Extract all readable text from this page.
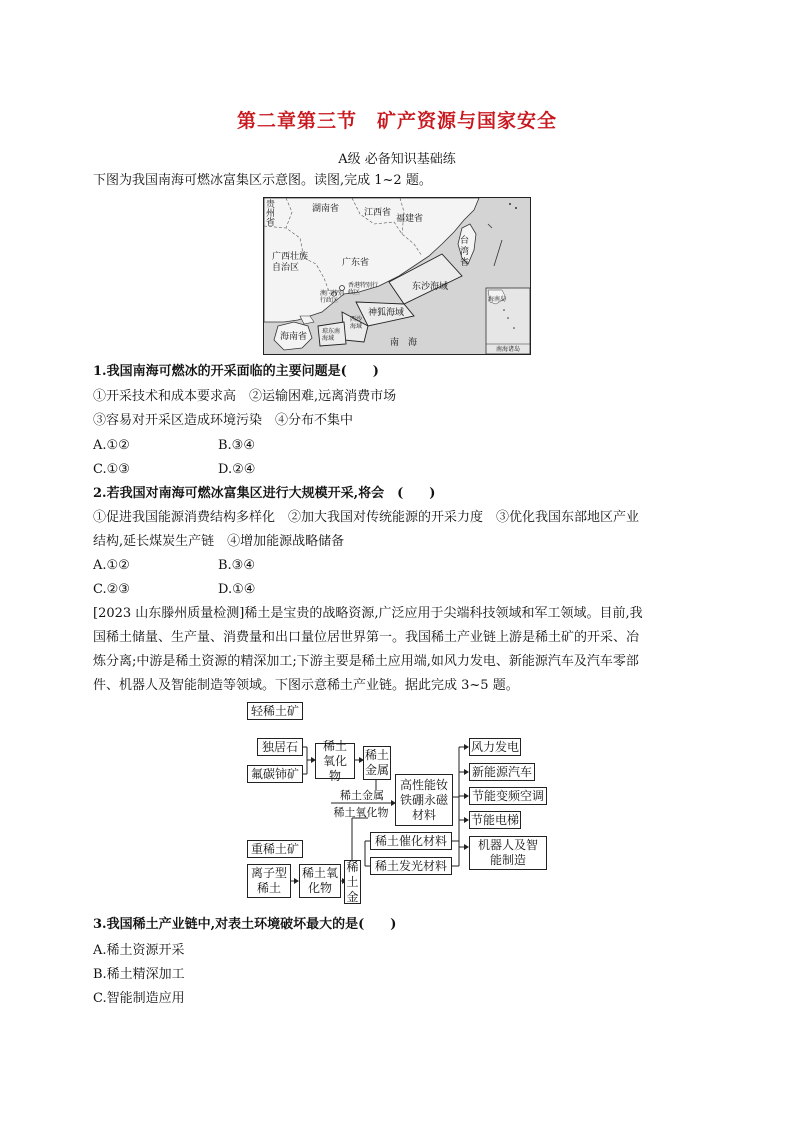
第二章第三节　矿产资源与国家安全
A级 必备知识基础练
下图为我国南海可燃冰富集区示意图。读图,完成 1~2 题。
贵州省
湖南省	江西省
福建省
台湾省
广西壮族自治区	广东省
香港特别行政区
澳门特别行政区
东沙海域
神狐海域
西沙海域
琼东南海域
海南省
南　海
海南岛
南海诸岛
1.我国南海可燃冰的开采面临的主要问题是(　　)
①开采技术和成本要求高　②运输困难,远离消费市场
③容易对开采区造成环境污染　④分布不集中
A.①②	B.③④
C.①③	D.②④
2.若我国对南海可燃冰富集区进行大规模开采,将会　(　　)
①促进我国能源消费结构多样化　②加大我国对传统能源的开采力度　③优化我国东部地区产业
结构,延长煤炭生产链　④增加能源战略储备
A.①②	B.③④
C.②③	D.①④
[2023 山东滕州质量检测]稀土是宝贵的战略资源,广泛应用于尖端科技领域和军工领域。目前,我
国稀土储量、生产量、消费量和出口量位居世界第一。我国稀土产业链上游是稀土矿的开采、冶
炼分离;中游是稀土资源的精深加工;下游主要是稀土应用端,如风力发电、新能源汽车及汽车零部
件、机器人及智能制造等领域。下图示意稀土产业链。据此完成 3~5 题。
轻稀土矿
独居石
氟碳铈矿
稀土氧化物
稀土金属
稀土金属
稀土氧化物
高性能钕铁硼永磁材料
风力发电
新能源汽车
节能变频空调
节能电梯
机器人及智能制造
稀土催化材料
稀土发光材料
重稀土矿
离子型稀土
稀土氧化物
稀土金
3.我国稀土产业链中,对表土环境破坏最大的是(　　)
A.稀土资源开采
B.稀土精深加工
C.智能制造应用
